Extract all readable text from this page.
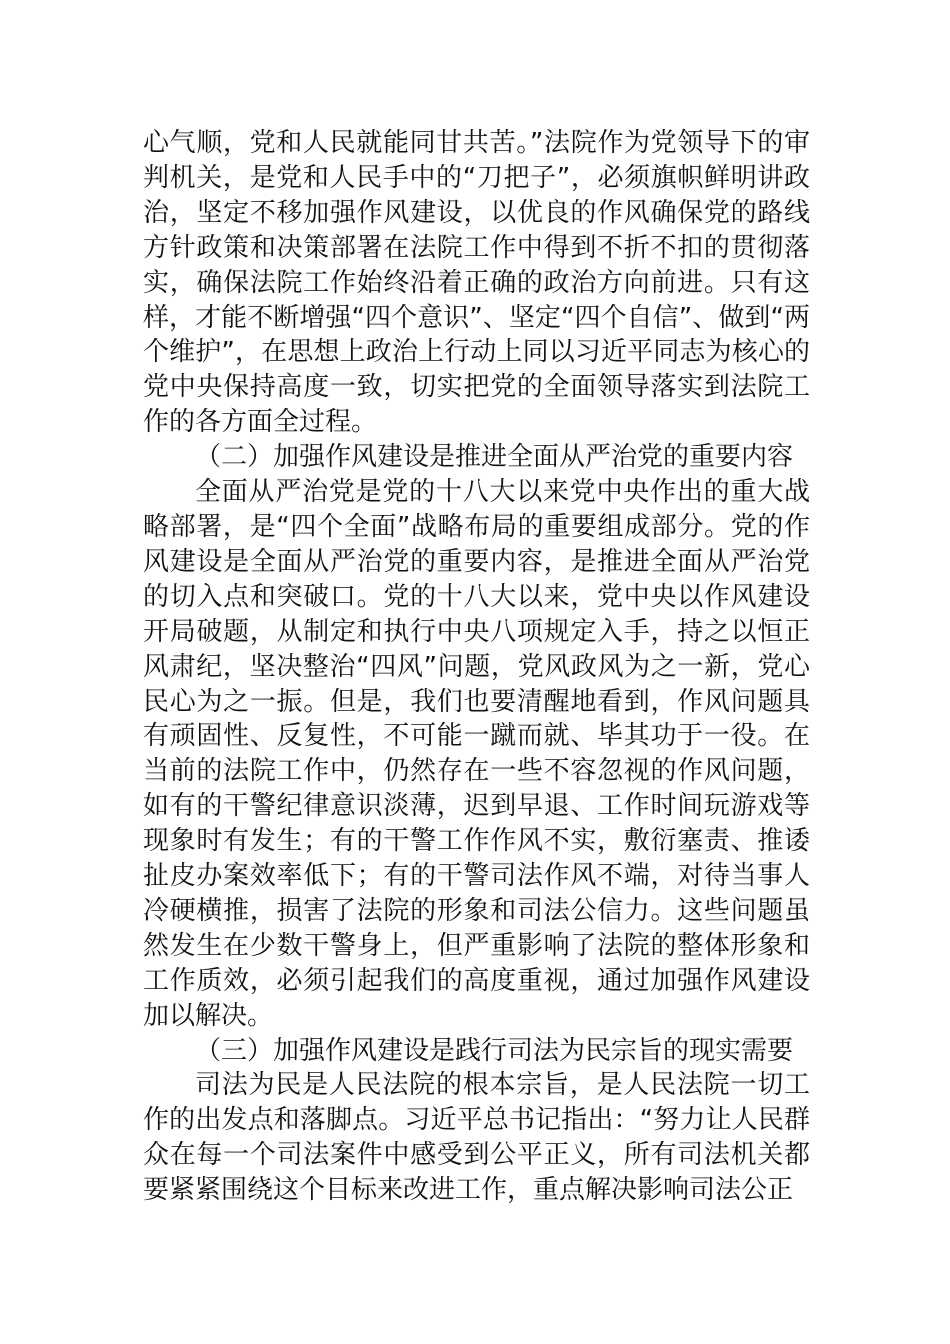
心气顺，党和人民就能同甘共苦。”法院作为党领导下的审判机关，是党和人民手中的“刀把子”，必须旗帜鲜明讲政治，坚定不移加强作风建设，以优良的作风确保党的路线方针政策和决策部署在法院工作中得到不折不扣的贯彻落实，确保法院工作始终沿着正确的政治方向前进。只有这样，才能不断增强“四个意识”、坚定“四个自信”、做到“两个维护”，在思想上政治上行动上同以习近平同志为核心的党中央保持高度一致，切实把党的全面领导落实到法院工作的各方面全过程。

（二）加强作风建设是推进全面从严治党的重要内容

全面从严治党是党的十八大以来党中央作出的重大战略部署，是“四个全面”战略布局的重要组成部分。党的作风建设是全面从严治党的重要内容，是推进全面从严治党的切入点和突破口。党的十八大以来，党中央以作风建设开局破题，从制定和执行中央八项规定入手，持之以恒正风肃纪，坚决整治“四风”问题，党风政风为之一新，党心民心为之一振。但是，我们也要清醒地看到，作风问题具有顽固性、反复性，不可能一蹴而就、毕其功于一役。在当前的法院工作中，仍然存在一些不容忽视的作风问题，如有的干警纪律意识淡薄，迟到早退、工作时间玩游戏等现象时有发生；有的干警工作作风不实，敷衍塞责、推诿扯皮办案效率低下；有的干警司法作风不端，对待当事人冷硬横推，损害了法院的形象和司法公信力。这些问题虽然发生在少数干警身上，但严重影响了法院的整体形象和工作质效，必须引起我们的高度重视，通过加强作风建设加以解决。

（三）加强作风建设是践行司法为民宗旨的现实需要

司法为民是人民法院的根本宗旨，是人民法院一切工作的出发点和落脚点。习近平总书记指出：“努力让人民群众在每一个司法案件中感受到公平正义，所有司法机关都要紧紧围绕这个目标来改进工作，重点解决影响司法公正
